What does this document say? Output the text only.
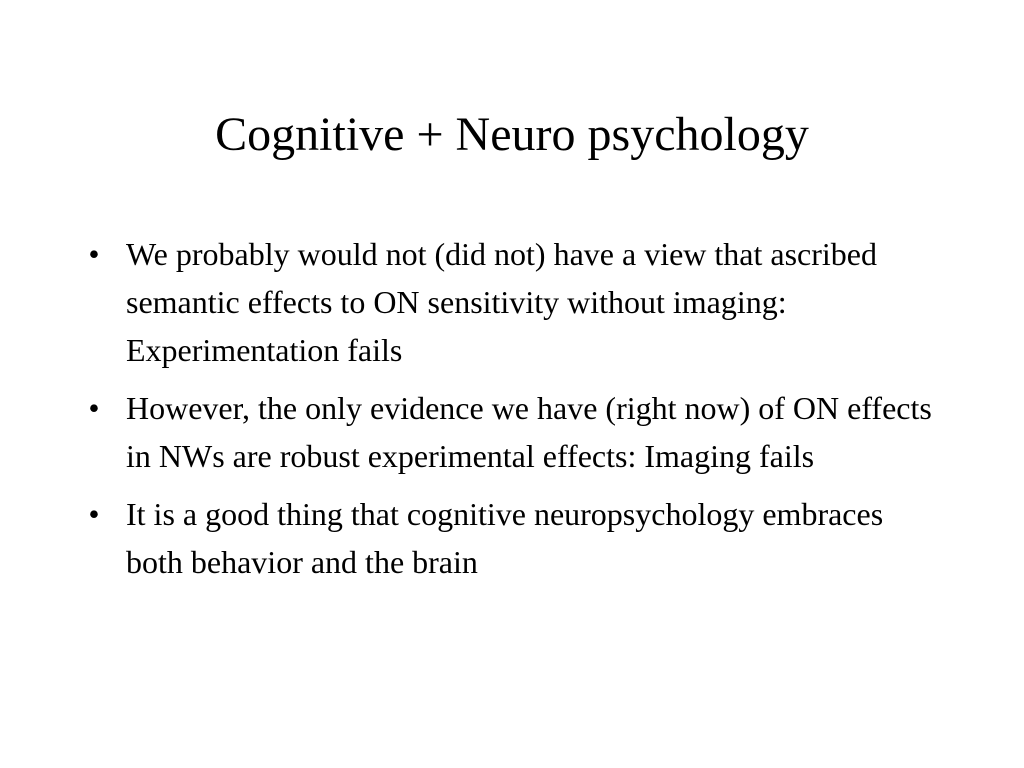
Cognitive + Neuro psychology
• We probably would not (did not) have a view that ascribed semantic effects to ON sensitivity without imaging: Experimentation fails
• However, the only evidence we have (right now) of ON effects in NWs are robust experimental effects: Imaging fails
• It is a good thing that cognitive neuropsychology embraces both behavior and the brain
